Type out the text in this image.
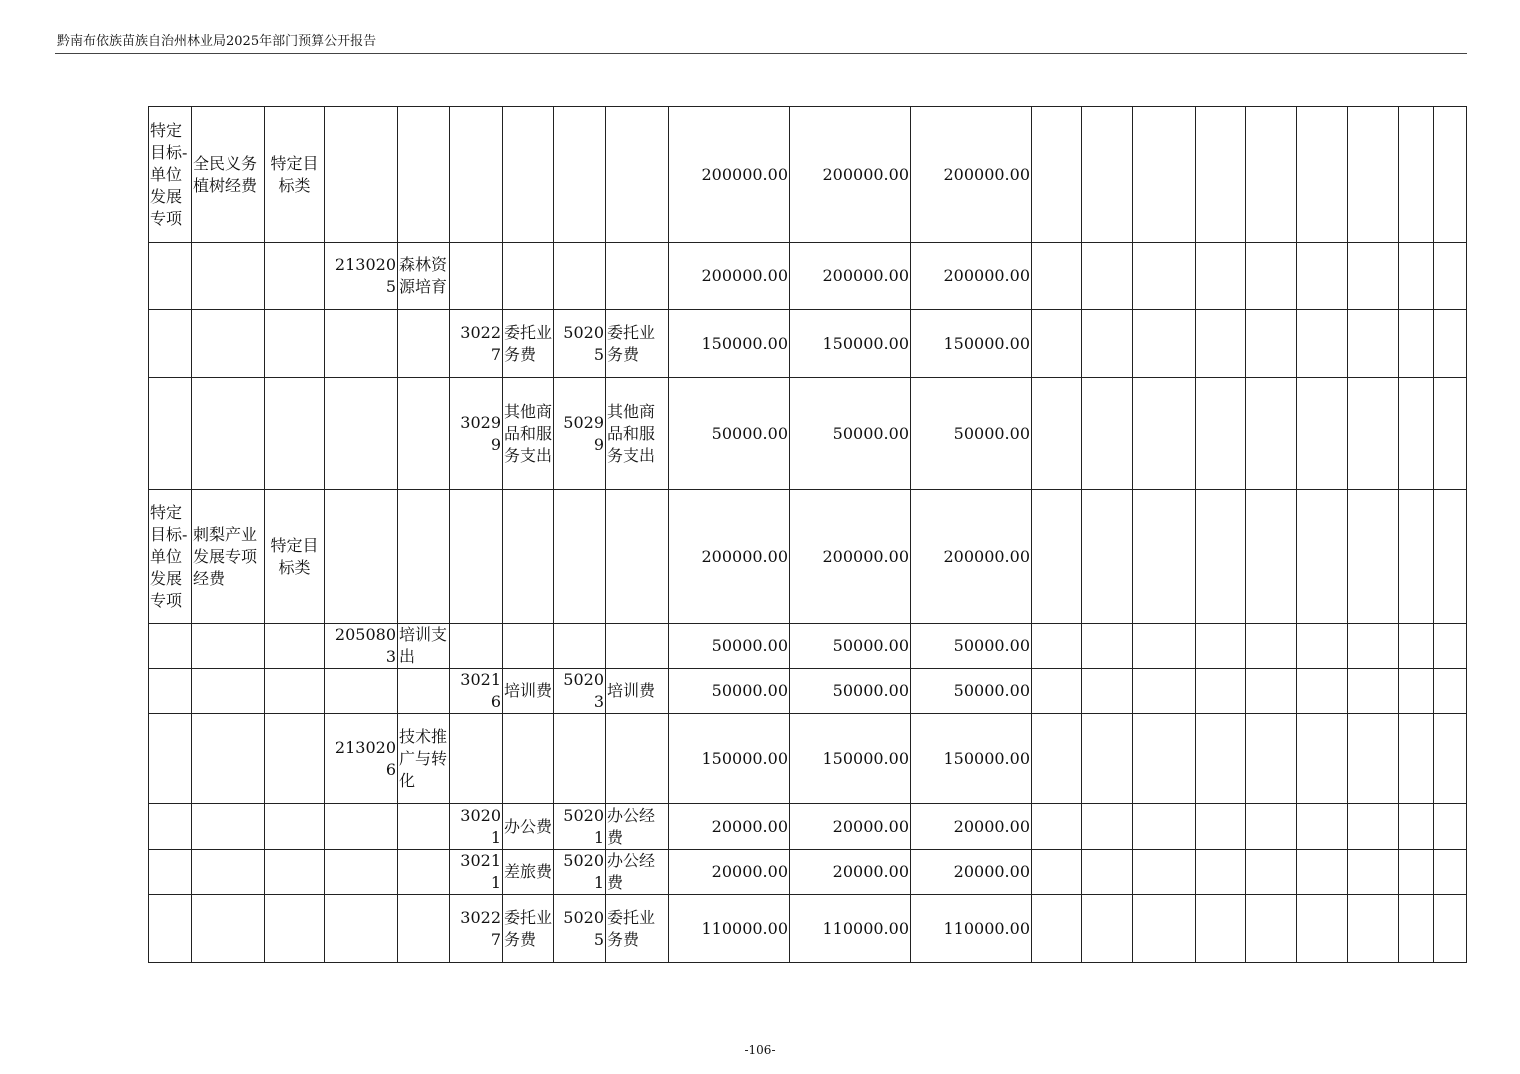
黔南布依族苗族自治州林业局2025年部门预算公开报告
特定目标-单位发展专项	全民义务植树经费	特定目标类							200000.00	200000.00	200000.00									
			2130205	森林资源培育					200000.00	200000.00	200000.00									
					30227	委托业务费	50205	委托业务费	150000.00	150000.00	150000.00									
					30299	其他商品和服务支出	50299	其他商品和服务支出	50000.00	50000.00	50000.00									
特定目标-单位发展专项	刺梨产业发展专项经费	特定目标类							200000.00	200000.00	200000.00									
			2050803	培训支出					50000.00	50000.00	50000.00									
					30216	培训费	50203	培训费	50000.00	50000.00	50000.00									
			2130206	技术推广与转化					150000.00	150000.00	150000.00									
					30201	办公费	50201	办公经费	20000.00	20000.00	20000.00									
					30211	差旅费	50201	办公经费	20000.00	20000.00	20000.00									
					30227	委托业务费	50205	委托业务费	110000.00	110000.00	110000.00									
-106-
